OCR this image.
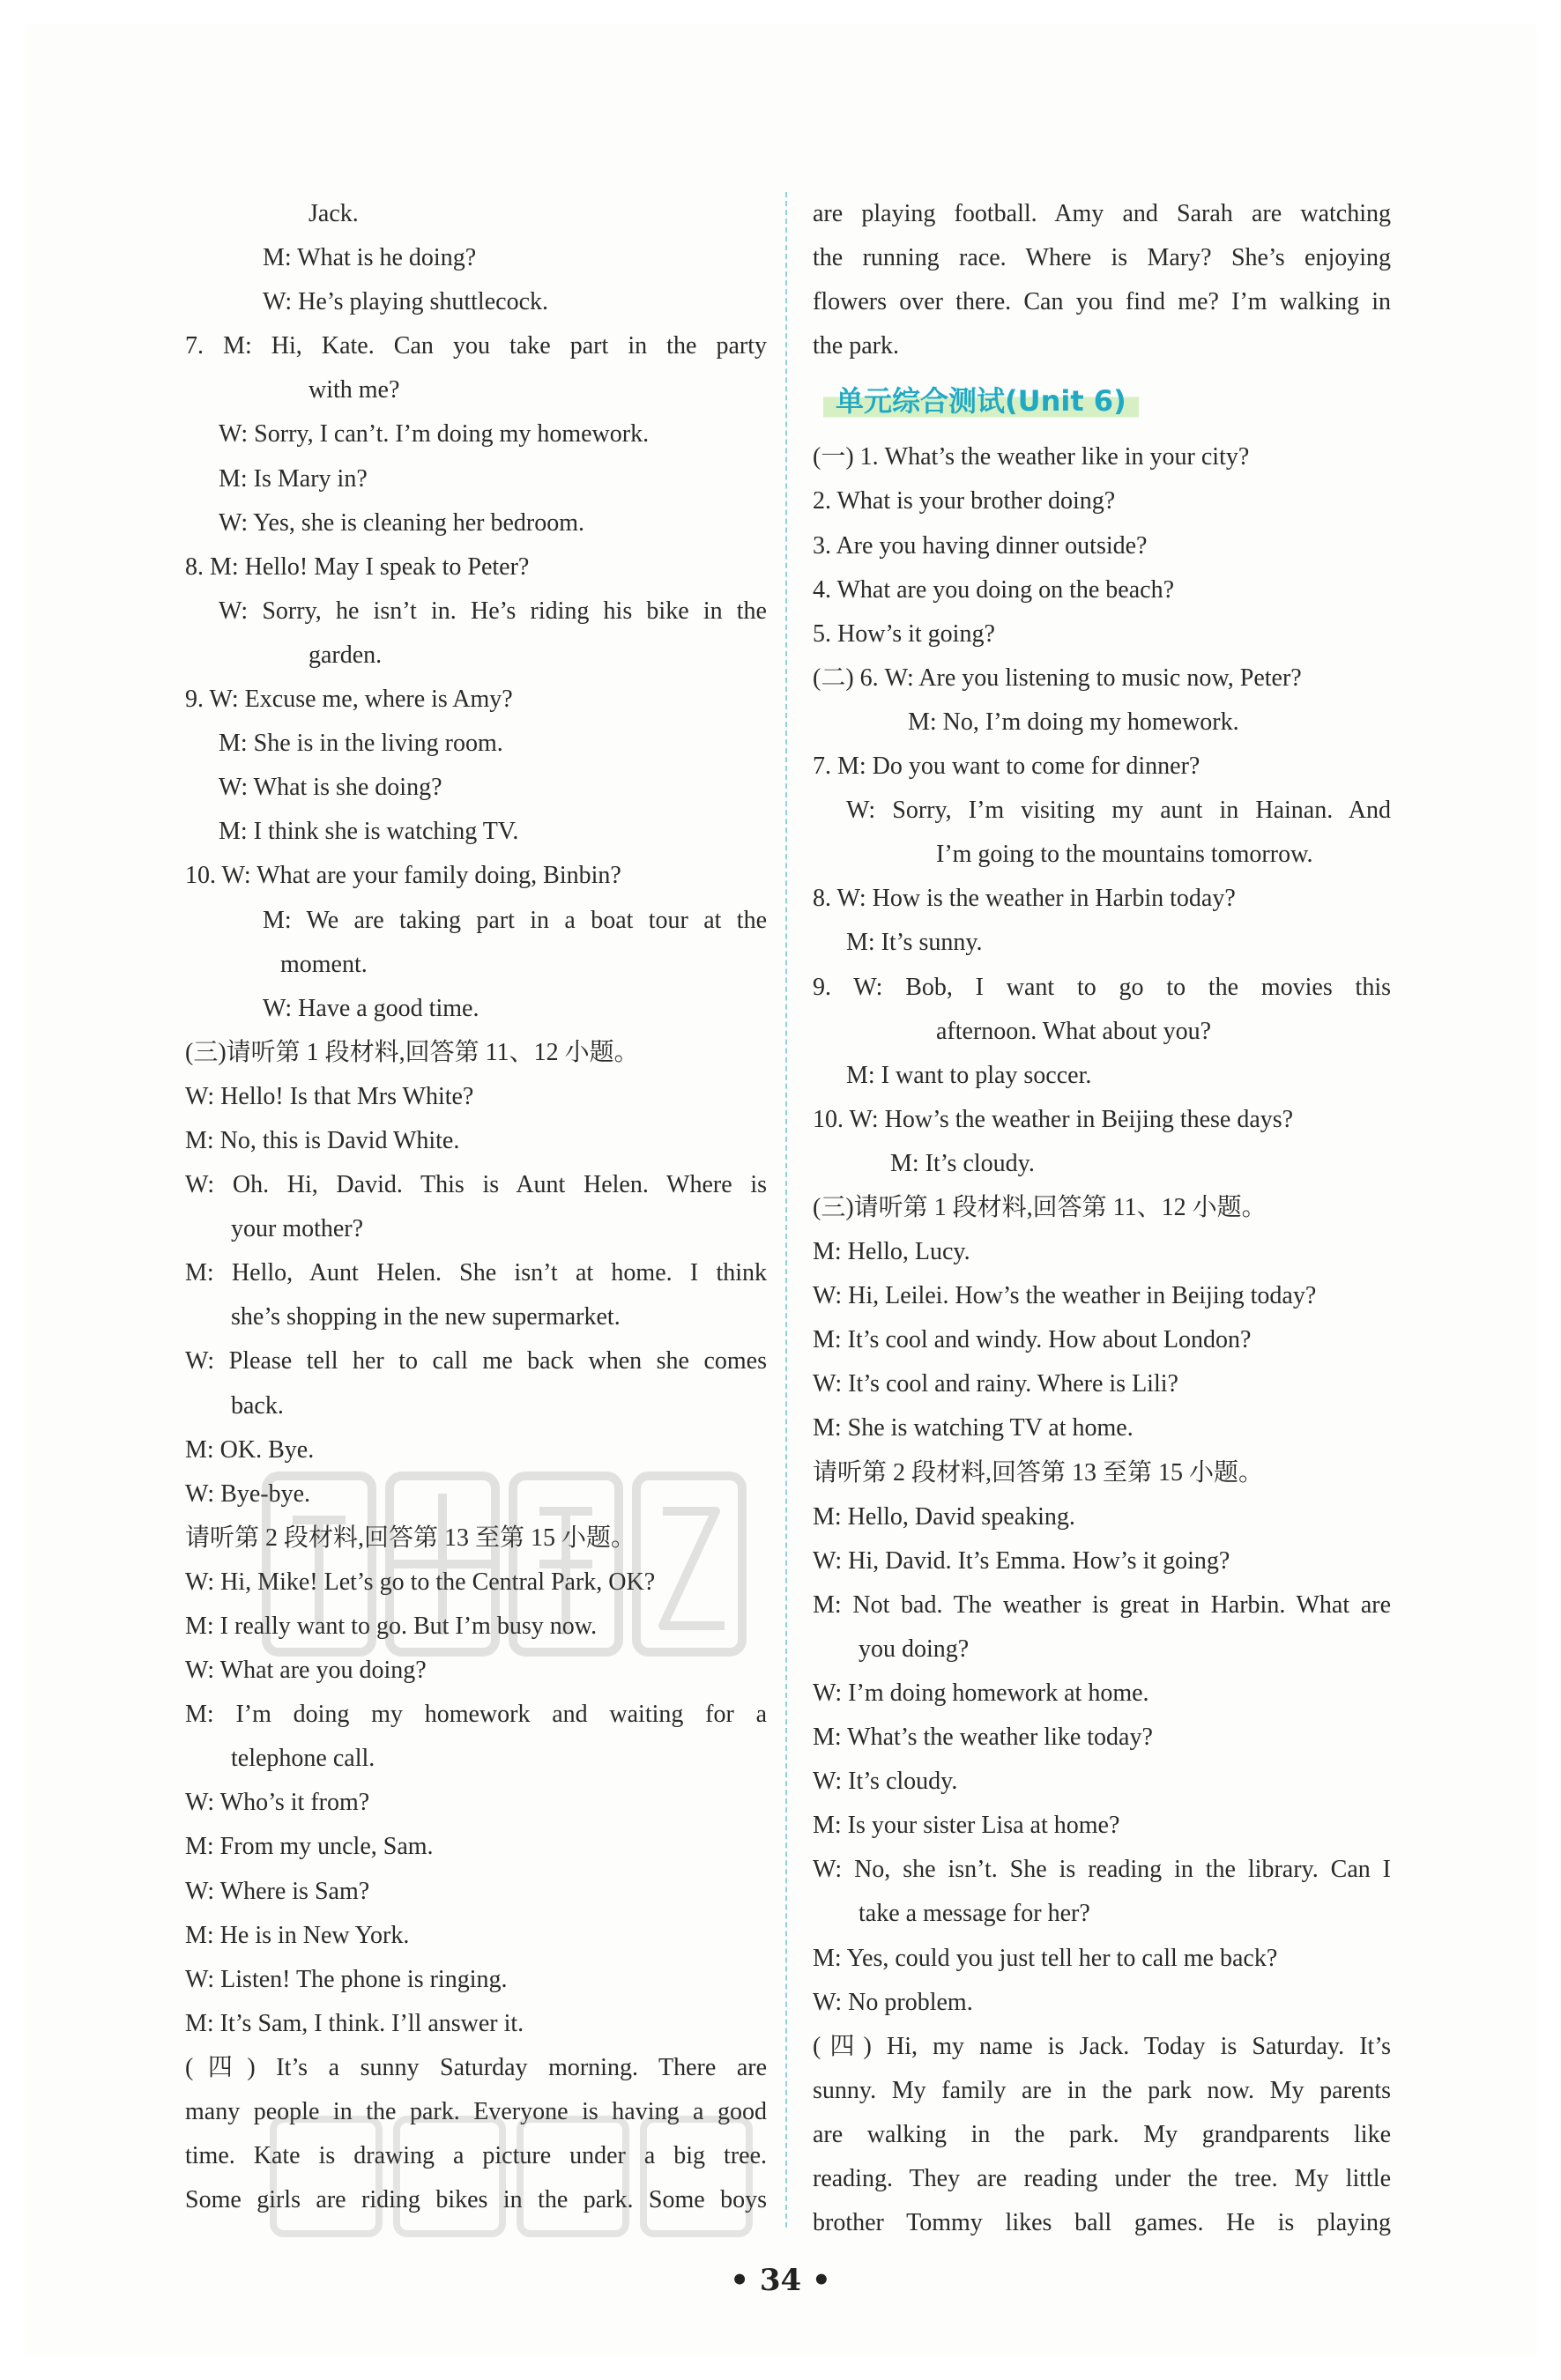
Jack.
M: What is he doing?
W: He’s playing shuttlecock.
7. M: Hi, Kate. Can you take part in the party
with me?
W: Sorry, I can’t. I’m doing my homework.
M: Is Mary in?
W: Yes, she is cleaning her bedroom.
8. M: Hello! May I speak to Peter?
W: Sorry, he isn’t in. He’s riding his bike in the
garden.
9. W: Excuse me, where is Amy?
M: She is in the living room.
W: What is she doing?
M: I think she is watching TV.
10. W: What are your family doing, Binbin?
M: We are taking part in a boat tour at the
moment.
W: Have a good time.
(三)请听第 1 段材料,回答第 11、12 小题。
W: Hello! Is that Mrs White?
M: No, this is David White.
W: Oh. Hi, David. This is Aunt Helen. Where is
your mother?
M: Hello, Aunt Helen. She isn’t at home. I think
she’s shopping in the new supermarket.
W: Please tell her to call me back when she comes
back.
M: OK. Bye.
W: Bye-bye.
请听第 2 段材料,回答第 13 至第 15 小题。
W: Hi, Mike! Let’s go to the Central Park, OK?
M: I really want to go. But I’m busy now.
W: What are you doing?
M: I’m doing my homework and waiting for a
telephone call.
W: Who’s it from?
M: From my uncle, Sam.
W: Where is Sam?
M: He is in New York.
W: Listen! The phone is ringing.
M: It’s Sam, I think. I’ll answer it.
(四) It’s a sunny Saturday morning. There are
many people in the park. Everyone is having a good
time. Kate is drawing a picture under a big tree.
Some girls are riding bikes in the park. Some boys
are playing football. Amy and Sarah are watching
the running race. Where is Mary? She’s enjoying
flowers over there. Can you find me? I’m walking in
the park.
单元综合测试(Unit 6)
(一) 1. What’s the weather like in your city?
2. What is your brother doing?
3. Are you having dinner outside?
4. What are you doing on the beach?
5. How’s it going?
(二) 6. W: Are you listening to music now, Peter?
M: No, I’m doing my homework.
7. M: Do you want to come for dinner?
W: Sorry, I’m visiting my aunt in Hainan. And
I’m going to the mountains tomorrow.
8. W: How is the weather in Harbin today?
M: It’s sunny.
9. W: Bob, I want to go to the movies this
afternoon. What about you?
M: I want to play soccer.
10. W: How’s the weather in Beijing these days?
M: It’s cloudy.
(三)请听第 1 段材料,回答第 11、12 小题。
M: Hello, Lucy.
W: Hi, Leilei. How’s the weather in Beijing today?
M: It’s cool and windy. How about London?
W: It’s cool and rainy. Where is Lili?
M: She is watching TV at home.
请听第 2 段材料,回答第 13 至第 15 小题。
M: Hello, David speaking.
W: Hi, David. It’s Emma. How’s it going?
M: Not bad. The weather is great in Harbin. What are
you doing?
W: I’m doing homework at home.
M: What’s the weather like today?
W: It’s cloudy.
M: Is your sister Lisa at home?
W: No, she isn’t. She is reading in the library. Can I
take a message for her?
M: Yes, could you just tell her to call me back?
W: No problem.
(四) Hi, my name is Jack. Today is Saturday. It’s
sunny. My family are in the park now. My parents
are walking in the park. My grandparents like
reading. They are reading under the tree. My little
brother Tommy likes ball games. He is playing
• 34 •
